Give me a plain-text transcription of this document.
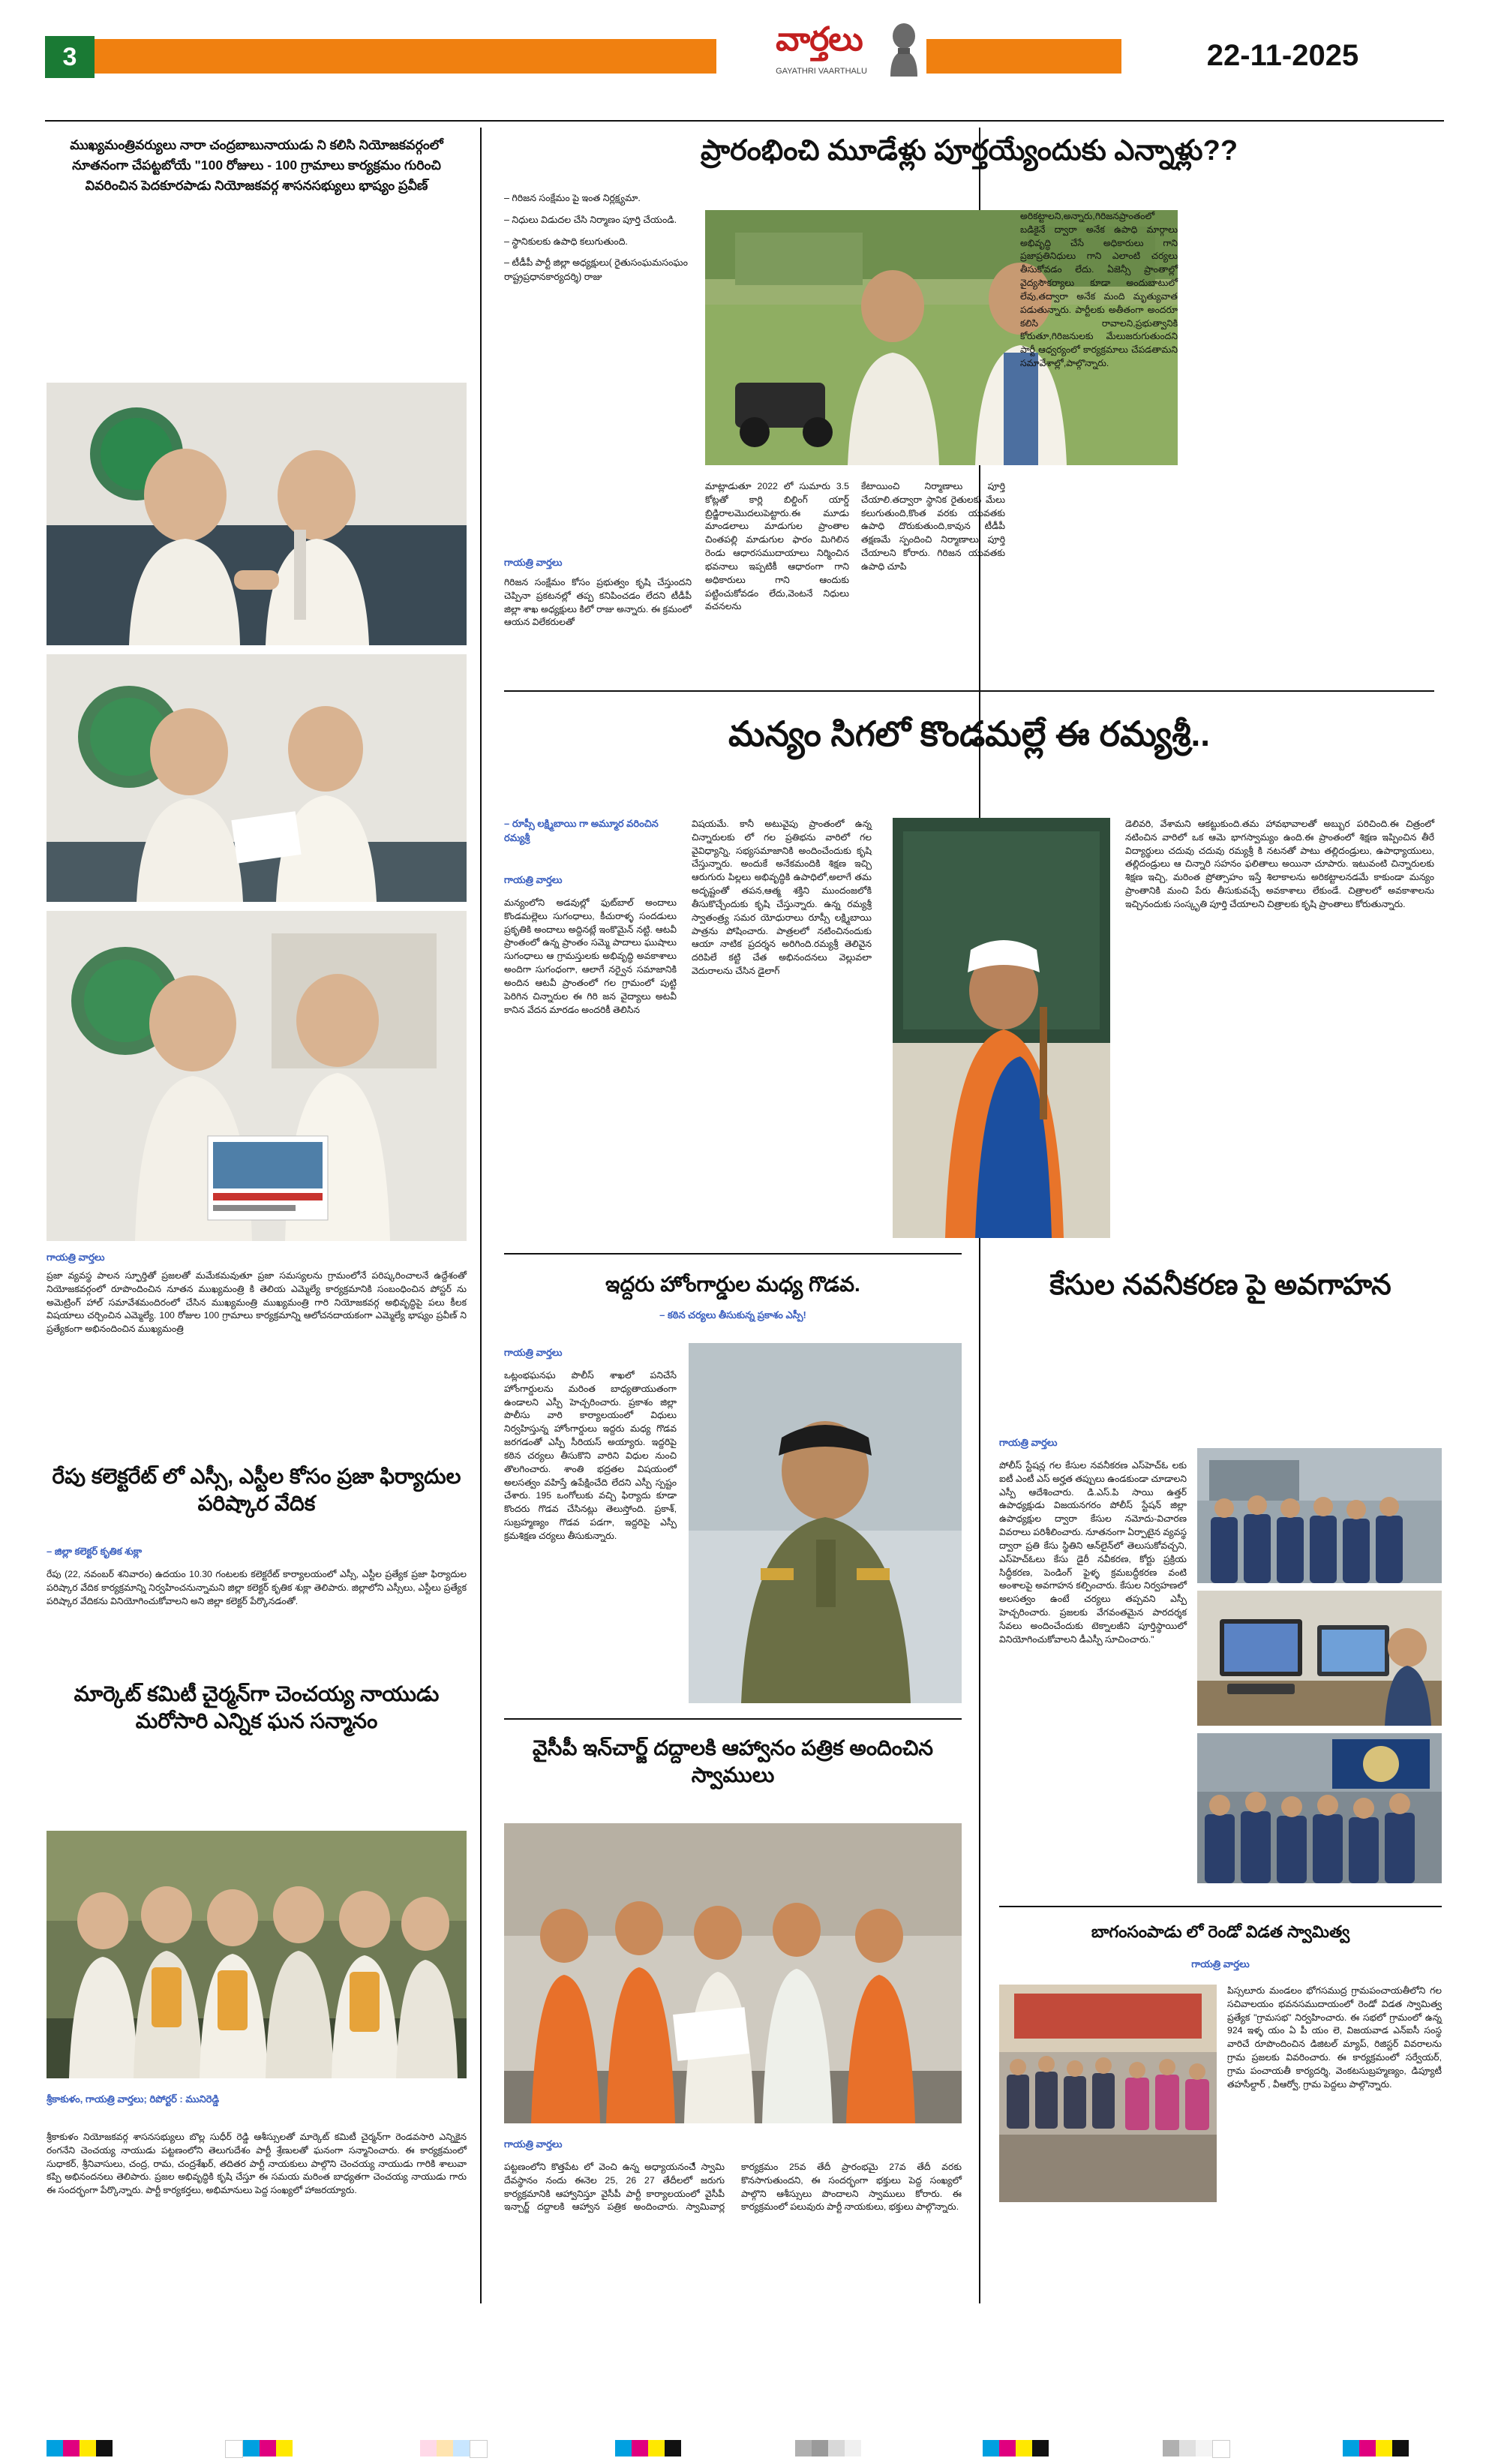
3	వార్తలు
GAYATHRI VAARTHALU	22-11-2025
ముఖ్యమంత్రివర్యులు నారా చంద్రబాబునాయుడు ని కలిసి నియోజకవర్గంలో నూతనంగా చేపట్టబోయే "100 రోజులు - 100 గ్రామాలు కార్యక్రమం గురించి వివరించిన పెదకూరపాడు నియోజకవర్గ శాసనసభ్యులు భాష్యం ప్రవీణ్
గాయత్రి వార్తలు
ప్రజా వ్యవస్థ పాలన స్ఫూర్తితో ప్రజలతో మమేకమవుతూ ప్రజా సమస్యలను గ్రామంలోనే పరిష్కరించాలనే ఉద్దేశంతో నియోజకవర్గంలో రూపొందించిన నూతన ముఖ్యమంత్రి కి తెలియ ఎమ్మెల్యే కార్యక్రమానికి సంబంధించిన పోస్టర్ ను అమెట్రింగ్ హాల్ సమావేశమందిరంలో చేసిన ముఖ్యమంత్రి ముఖ్యమంత్రి గారి నియోజకవర్గ అభివృద్ధిపై పలు కీలక విషయాలు చర్చించిన ఎమ్మెల్యే. 100 రోజుల 100 గ్రామాలు కార్యక్రమాన్ని ఆలోచనదాయకంగా ఎమ్మెల్యే భాష్యం ప్రవీణ్ ని ప్రత్యేకంగా అభినందించిన ముఖ్యమంత్రి
రేపు కలెక్టరేట్ లో ఎస్సీ, ఎస్టీల కోసం ప్రజా ఫిర్యాదుల పరిష్కార వేదిక
– జిల్లా కలెక్టర్ కృతిక శుక్లా
రేపు (22, నవంబర్ శనివారం) ఉదయం 10.30 గంటలకు కలెక్టరేట్ కార్యాలయంలో ఎస్సీ, ఎస్టీల ప్రత్యేక ప్రజా ఫిర్యాదుల పరిష్కార వేదిక కార్యక్రమాన్ని నిర్వహించనున్నామని జిల్లా కలెక్టర్ కృతిక శుక్లా తెలిపారు. జిల్లాలోని ఎస్సీలు, ఎస్టీలు ప్రత్యేక పరిష్కార వేదికను వినియోగించుకోవాలని అని జిల్లా కలెక్టర్ పేర్కొనడంతో.
మార్కెట్ కమిటీ చైర్మన్‌గా చెంచయ్య నాయుడు మరోసారి ఎన్నిక ఘన సన్మానం
శ్రీకాకుళం, గాయత్రి వార్తలు; రిపోర్టర్ : మునిరెడ్డి
శ్రీకాకుళం నియోజకవర్గ శాసనసభ్యులు బొల్ల సుధీర్ రెడ్డి ఆశీస్సులతో మార్కెట్ కమిటీ చైర్మన్‌గా రెండవసారి ఎన్నికైన రంగనేని చెంచయ్య నాయుడు పట్టణంలోని తెలుగుదేశం పార్టీ శ్రేణులతో ఘనంగా సన్మానించారు. ఈ కార్యక్రమంలో సుధాకర్, శ్రీనివాసులు, చంద్ర, రామ, చంద్రశేఖర్, తదితర పార్టీ నాయకులు పాల్గొని చెంచయ్య నాయుడు గారికి శాలువా కప్పి అభినందనలు తెలిపారు. ప్రజల అభివృద్ధికి కృషి చేస్తూ ఈ సమయ మరింత బాధ్యతగా చెంచయ్య నాయుడు గారు ఈ సందర్భంగా పేర్కొన్నారు. పార్టీ కార్యకర్తలు, అభిమానులు పెద్ద సంఖ్యలో హాజరయ్యారు.
ప్రారంభించి మూడేళ్లు పూర్తయ్యేందుకు ఎన్నాళ్లు??
– గిరిజన సంక్షేమం పై ఇంత నిర్లక్ష్యమా.
– నిధులు విడుదల చేసి నిర్మాణం పూర్తి చేయండి.
– స్థానికులకు ఉపాధి కలుగుతుంది.
– టీడీపీ పార్టీ జిల్లా అధ్యక్షులు( రైతుసంఘమసంఘం రాష్ట్రప్రధానకార్యదర్శి) రాజు
గాయత్రి వార్తలు
గిరిజన సంక్షేమం కోసం ప్రభుత్వం కృషి చేస్తుందని చెప్పినా ప్రకటనల్లో తప్ప కనిపించడం లేదని టీడీపీ జిల్లా శాఖ అధ్యక్షులు కిలో రాజు అన్నారు. ఈ క్రమంలో ఆయన విలేకరులతో
మాట్లాడుతూ 2022 లో సుమారు 3.5 కోట్లతో కార్లి బిల్డింగ్ యార్డ్ బ్రిడ్జిరాలమొదలుపెట్టారు.ఈ మూడు మాండలాలు మాడుగుల ప్రాంతాల చింతపల్లి మాడుగుల ఫారం మిగిలిన రెండు ఆధారసముదాయాలు నిర్మించిన భవనాలు ఇప్పటికీ ఆధారంగా గాని అధికారులు గాని ఆందుకు పట్టించుకోవడం లేదు,వెంటనే నిధులు వచనలను
కేటాయించి నిర్మాణాలు పూర్తి చేయాలి.తద్వారా స్థానిక రైతులకు మేలు కలుగుతుంది,కొంత వరకు యువతకు ఉపాధి దొరుకుతుంది,కావున టీడీపీ తక్షణమే స్పందించి నిర్మాణాలు పూర్తి చేయాలని కోరారు. గిరిజన యువతకు ఉపాధి చూపి
అరికట్టాలని,అన్నారు,గిరిజనప్రాంతంలో బడికైనే ద్వారా అనేక ఉపాధి మార్గాలు అభివృద్ధి చేసే అధికారులు గాని ప్రజాప్రతినిధులు గాని ఎలాంటి చర్యలు తీసుకోవడం లేదు. ఏజెన్సీ ప్రాంతాల్లో వైద్యసౌకర్యాలు కూడా అందుబాటులో లేవు,తద్వారా అనేక మంది మృత్యువాత పడుతున్నారు. పార్టీలకు అతీతంగా అందరూ కలిసి రావాలని,ప్రభుత్వానికి కోరుతూ,గిరిజనులకు మేలుజరుగుతుందని పార్టీ ఆధ్వర్యంలో కార్యక్రమాలు చేపడతామని సమావేశాల్లో,పాల్గొన్నారు.
మన్యం సిగలో కొండమల్లే ఈ రమ్యశ్రీ..
– రూప్సీ లక్ష్మిబాయి గా అమ్మూర వరించిన రమ్యశ్రీ
గాయత్రి వార్తలు
మన్యంలోని అడవుల్లో ఫుట్‌బాల్ అందాలు కొండమల్లెలు సుగంధాలు, కీచురాళ్ళ సందడులు ప్రకృతికి అందాలు అద్దినట్లే ఇంకొమైన్ నట్టి. ఆటవీ ప్రాంతంలో ఉన్న ప్రాంతం సమ్మె పాదాలు ఘుషాలు సుగంధాలు ఆ గ్రామస్తులకు అభివృద్ధి అవకాశాలు అందిగా సుగంధంగా, ఆలాగే నర్వైన సమాజానికి అందిన ఆటవీ ప్రాంతంలో గల గ్రామంలో పుట్టి పెరిగిన చిన్నారుల ఈ గిరి జన వైద్యాలు అటవీ కానిన వేదన మారడం అందరికీ తెలిసిన
విషయమే. కానీ అటువైపు ప్రాంతంలో ఉన్న చిన్నారులకు లో గల ప్రతిభను వారిలో గల వైవిధ్యాన్ని, సభ్యసమాజానికి అందించేందుకు కృషి చేస్తున్నారు. అందుకే అనేకమందికి శిక్షణ ఇచ్చి ఆరుగురు పిల్లలు అభివృద్ధికి ఉపాధిలో,అలాగే తమ అదృష్టంతో తపన,ఆత్మ శక్తిని ముందంజలోకి తీసుకొచ్చేందుకు కృషి చేస్తున్నారు. ఉన్న రమ్యశ్రీ స్వాతంత్ర్య సమర యోధురాలు రూప్సీ లక్ష్మిబాయి పాత్రను పోషించారు. పాత్రలలో నటించినందుకు ఆయా నాటిక ప్రదర్శన అరిగింది.రమ్యశ్రీ తెలివైన దరిపిలే కట్టి చేత అభినందనలు వెల్లువలా వెదురాలను చేసిన డైలాగ్
డెలివరి, వేశామని ఆకట్టుకుంది.తమ హావభావాలతో అబ్బుర పరిచింది.ఈ చిత్రంలో నటించిన వారిలో ఒక ఆమె భాగస్వామ్యం ఉంది.ఈ ప్రాంతంలో శిక్షణ ఇప్పించిన తీరే విద్యార్థులు చదువు చదువు రమ్యశ్రీ కి నటనతో పాటు తల్లిదండ్రులు, ఉపాధ్యాయులు, తల్లిదండ్రులు ఆ చిన్నారి సహనం ఫలితాలు అయినా చూపారు. ఇటువంటి చిన్నారులకు శిక్షణ ఇచ్చి, మరింత ప్రోత్సాహం ఇస్తే శిలాకాలను అరికట్టాలనడమే కాకుండా మన్యం ప్రాంతానికి మంచి పేరు తీసుకువచ్చే అవకాశాలు లేకుండే. చిత్రాలలో అవకాశాలను ఇచ్చినందుకు సంస్కృతి పూర్తి చేయాలని చిత్రాలకు కృషి ప్రాంతాలు కోరుతున్నారు.
ఇద్దరు హోంగార్డుల మధ్య గొడవ.
– కఠిన చర్యలు తీసుకున్న ప్రకాశం ఎస్పీ!
గాయత్రి వార్తలు
ఒట్లంభఘనఘ పొలీస్ శాఖలో పనిచేసే హోంగార్డులను మరింత బాధ్యతాయుతంగా ఉండాలని ఎస్పీ హెచ్చరించారు. ప్రకాశం జిల్లా పొలీసు వారి కార్యాలయంలో విధులు నిర్వహిస్తున్న హోంగార్డులు ఇద్దరు మధ్య గొడవ జరగడంతో ఎస్పీ సీరియస్ అయ్యారు. ఇద్దరిపై కఠిన చర్యలు తీసుకొని వారిని విధుల నుంచి తొలగించారు. శాంతి భద్రతల విషయంలో అలసత్వం వహిస్తే ఉపేక్షించేది లేదని ఎస్పీ స్పష్టం చేశారు. 195 ఒంగోలుకు వచ్చి ఫిర్యాదు కూడా కొందరు గొడవ చేసినట్లు తెలుస్తోంది. ప్రకాశ్, సుబ్రహ్మణ్యం గొడవ పడగా, ఇద్దరిపై ఎస్పీ క్రమశిక్షణ చర్యలు తీసుకున్నారు.
వైసీపీ ఇన్‌చార్జ్ దద్దాలకి ఆహ్వానం పత్రిక అందించిన స్వాములు
గాయత్రి వార్తలు
పట్టణంలోని కొత్తపేట లో వెంచి ఉన్న అధ్యాయనంచేి స్వామి దేవస్థానం నందు ఈనెల 25, 26 27 తేదీలలో జరుగు కార్యక్రమానికి ఆహ్వానిస్తూ వైసీపీ పార్టీ కార్యాలయంలో వైసీపీ ఇన్చార్జ్ దద్దాలకి ఆహ్వాన పత్రిక అందించారు. స్వామివార్ల కార్యక్రమం 25వ తేదీ ప్రారంభమై 27వ తేదీ వరకు కొనసాగుతుందని, ఈ సందర్భంగా భక్తులు పెద్ద సంఖ్యలో పాల్గొని ఆశీస్సులు పొందాలని స్వాములు కోరారు. ఈ కార్యక్రమంలో పలువురు పార్టీ నాయకులు, భక్తులు పాల్గొన్నారు.
కేసుల నవనీకరణ పై అవగాహన
గాయత్రి వార్తలు
పోలీస్ స్టేషన్ల గల కేసుల నవనీకరణ ఎస్‌హెచ్‌ఓ లకు ఐటీ ఎంటీ ఎస్ అర్హత తప్పులు ఉండకుండా చూడాలని ఎస్పీ ఆదేశించారు. డి.ఎస్.పి సాయి ఉత్తర్ ఉపాధ్యక్షుడు విజయనగరం పోలీస్ స్టేషన్ జిల్లా ఉపాధ్యక్షుల ద్వారా కేసుల నమోదు-విచారణ వివరాలు పరిశీలించారు. నూతనంగా ఏర్పాటైన వ్యవస్థ ద్వారా ప్రతి కేసు స్థితిని ఆన్‌లైన్‌లో తెలుసుకోవచ్చని, ఎస్‌హెచ్‌ఓలు కేసు డైరీ నవీకరణ, కోర్టు ప్రక్రియ సిద్ధీకరణ, పెండింగ్ ఫైళ్ళ క్రమబద్ధీకరణ వంటి అంశాలపై అవగాహన కల్పించారు. కేసుల నిర్వహణలో అలసత్వం ఉంటే చర్యలు తప్పవని ఎస్పీ హెచ్చరించారు. ప్రజలకు వేగవంతమైన పారదర్శక సేవలు అందించేందుకు టెక్నాలజీని పూర్తిస్థాయిలో వినియోగించుకోవాలని డీఎస్పీ సూచించారు."
బాగంసంపాడు లో రెండో విడత స్వామిత్వ
గాయత్రి వార్తలు
పిస్సలూరు మండలం భోగసముద్ర గ్రామపంచాయతీలోని గల సచివాలయం భవనసముదాయంలో రెండో విడత స్వామిత్వ ప్రత్యేక "గ్రామసభ" నిర్వహించారు. ఈ సభలో గ్రామంలో ఉన్న 924 ఇళ్ళ యం ఏ పీ యం లె, విజయవాడ ఎన్ఐసీ సంస్థ వారిచే రూపొందించిన డిజిటల్ మ్యాప్, రిజిస్టర్ వివరాలను గ్రామ ప్రజలకు వివరించారు. ఈ కార్యక్రమంలో సర్వేయర్, గ్రామ పంచాయతీ కార్యదర్శి, వెంకటసుబ్రహ్మణ్యం, డిప్యూటీ తహసీల్దార్ , వీఆర్వో, గ్రామ పెద్దలు పాల్గొన్నారు.
